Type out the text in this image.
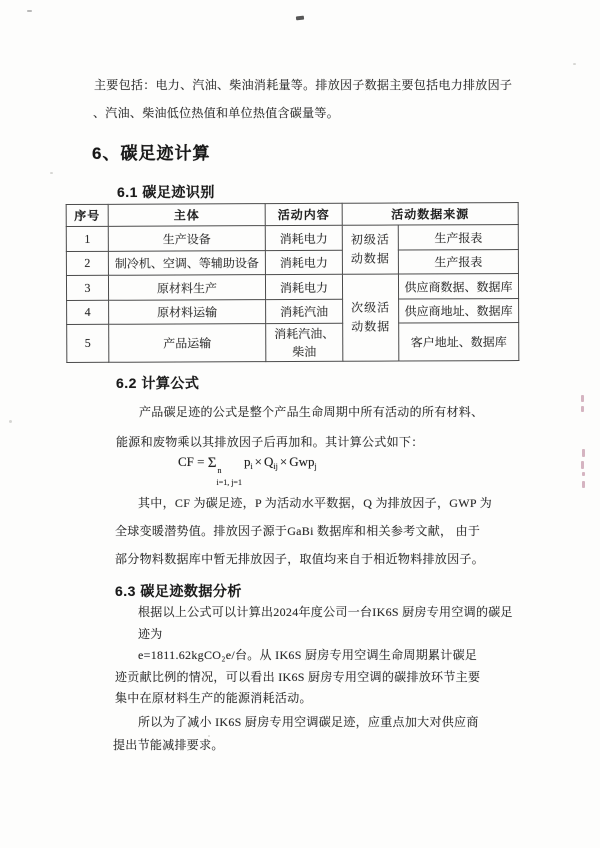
主要包括：电力、汽油、柴油消耗量等。排放因子数据主要包括电力排放因子
、汽油、柴油低位热值和单位热值含碳量等。
6、碳足迹计算
6.1 碳足迹识别
序号	主体	活动内容	活动数据来源	
1	生产设备	消耗电力	初级活动数据	生产报表
2	制冷机、空调、等辅助设备	消耗电力		生产报表
3	原材料生产	消耗电力	次级活动数据	供应商数据、数据库
4	原材料运输	消耗汽油		供应商地址、数据库
5	产品运输	消耗汽油、柴油		客户地址、数据库
6.2 计算公式
产品碳足迹的公式是整个产品生命周期中所有活动的所有材料、
能源和废物乘以其排放因子后再加和。其计算公式如下：
CF = Σ n
i=1, j=1
$p_i \times Q_{ij} \times Gwp_j$
其中，CF 为碳足迹，P 为活动水平数据，Q 为排放因子，GWP 为
全球变暖潜势值。排放因子源于GaBi 数据库和相关参考文献， 由于
部分物料数据库中暂无排放因子，取值均来自于相近物料排放因子。
6.3 碳足迹数据分析
根据以上公式可以计算出2024年度公司一台IK6S 厨房专用空调的碳足
迹为
e=1811.62kgCO₂e/台。从 IK6S 厨房专用空调生命周期累计碳足
迹贡献比例的情况，可以看出 IK6S 厨房专用空调的碳排放环节主要
集中在原材料生产的能源消耗活动。
所以为了减小 IK6S 厨房专用空调碳足迹，应重点加大对供应商
提出节能减排要求。
